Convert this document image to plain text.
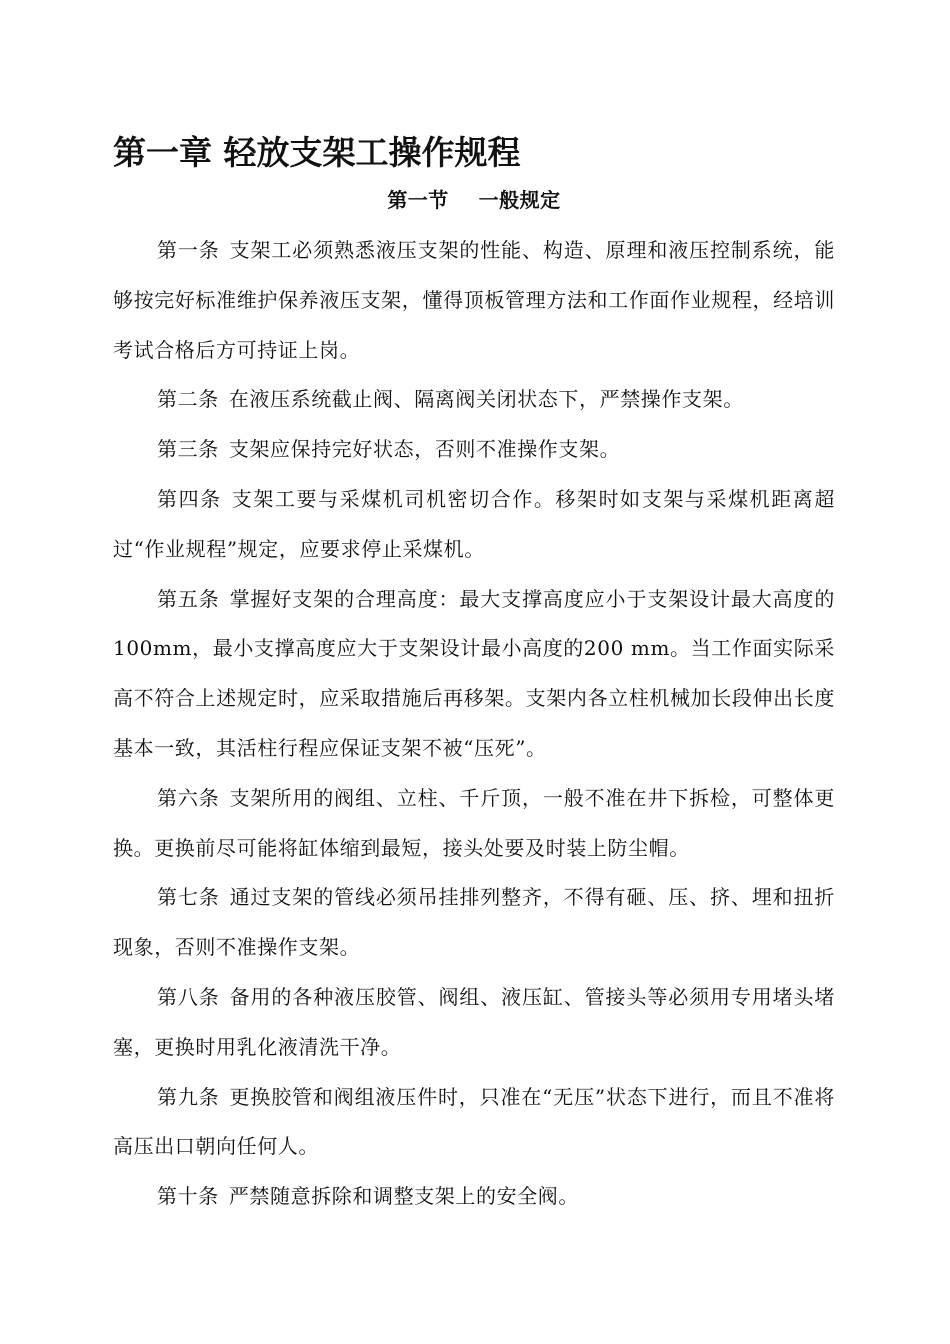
第一章 轻放支架工操作规程
第一节    一般规定

第一条 支架工必须熟悉液压支架的性能、构造、原理和液压控制系统，能够按完好标准维护保养液压支架，懂得顶板管理方法和工作面作业规程，经培训考试合格后方可持证上岗。

第二条 在液压系统截止阀、隔离阀关闭状态下，严禁操作支架。

第三条 支架应保持完好状态，否则不准操作支架。

第四条 支架工要与采煤机司机密切合作。移架时如支架与采煤机距离超过“作业规程”规定，应要求停止采煤机。

第五条 掌握好支架的合理高度：最大支撑高度应小于支架设计最大高度的100mm，最小支撑高度应大于支架设计最小高度的200 mm。当工作面实际采高不符合上述规定时，应采取措施后再移架。支架内各立柱机械加长段伸出长度基本一致，其活柱行程应保证支架不被“压死”。

第六条 支架所用的阀组、立柱、千斤顶，一般不准在井下拆检，可整体更换。更换前尽可能将缸体缩到最短，接头处要及时装上防尘帽。

第七条 通过支架的管线必须吊挂排列整齐，不得有砸、压、挤、埋和扭折现象，否则不准操作支架。

第八条 备用的各种液压胶管、阀组、液压缸、管接头等必须用专用堵头堵塞，更换时用乳化液清洗干净。

第九条 更换胶管和阀组液压件时，只准在“无压”状态下进行，而且不准将高压出口朝向任何人。

第十条 严禁随意拆除和调整支架上的安全阀。
